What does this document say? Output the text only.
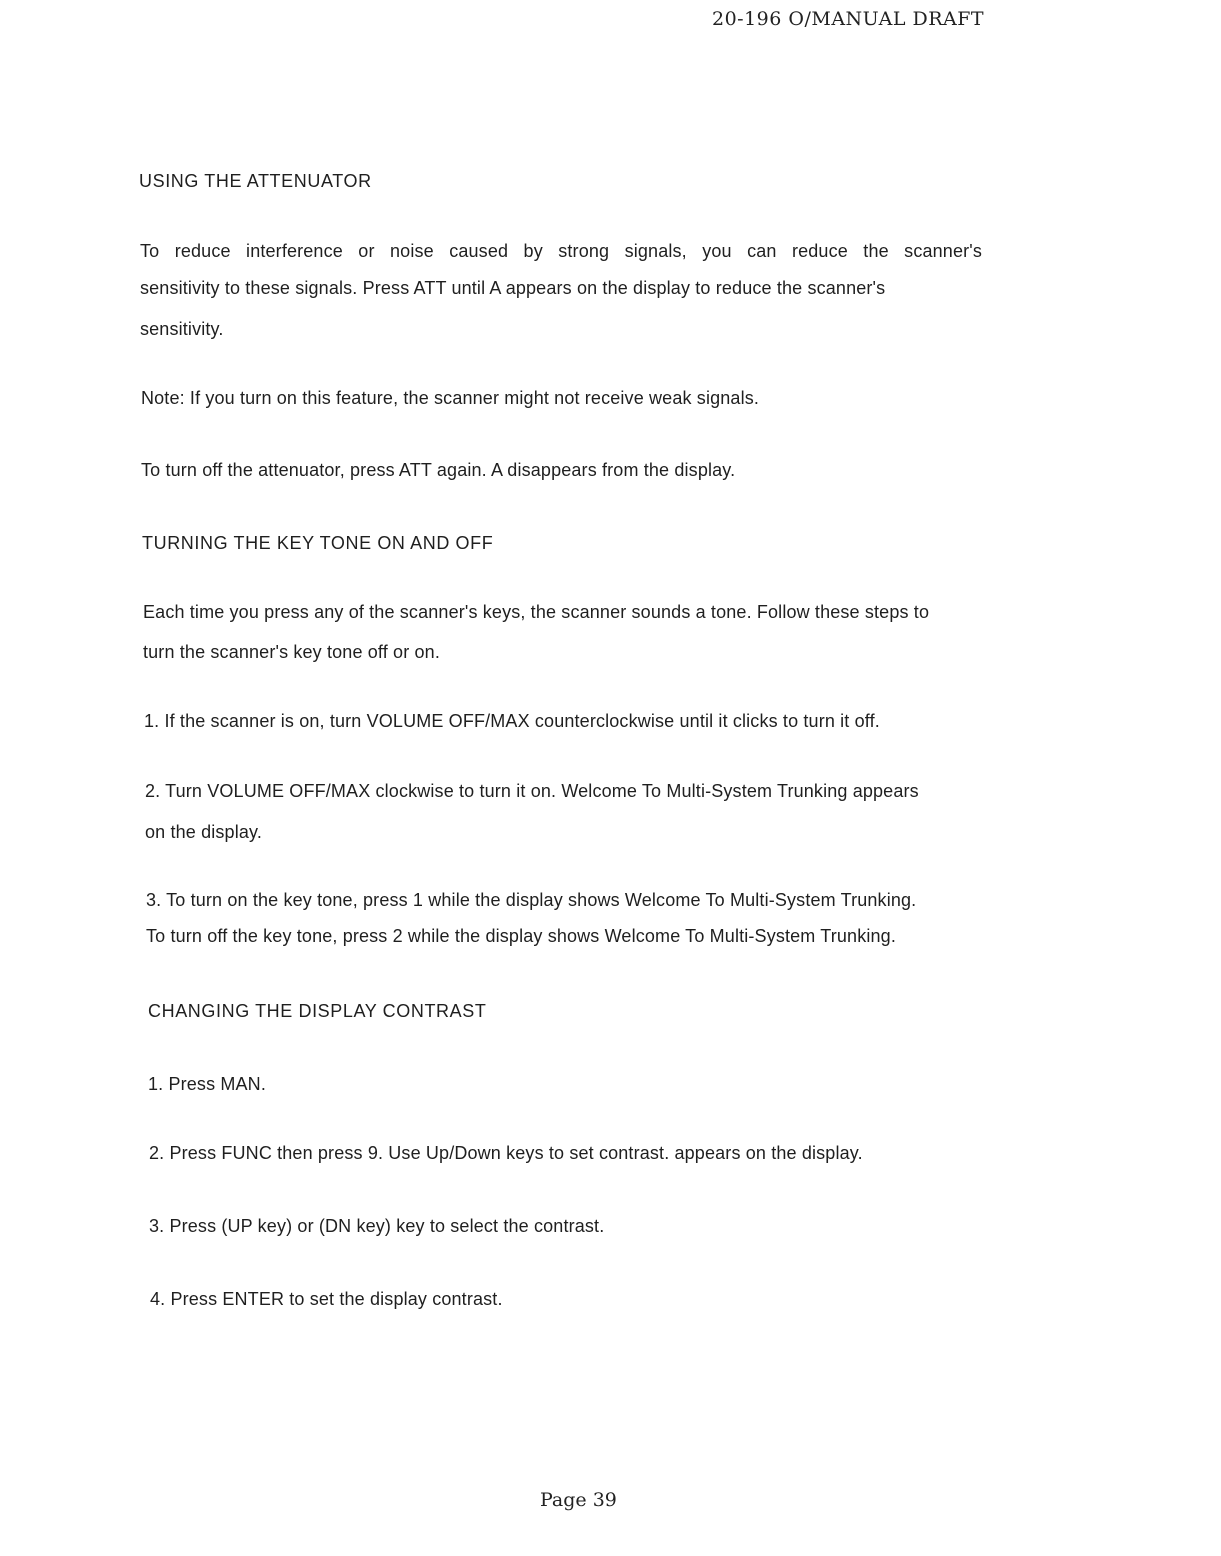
20-196 O/MANUAL DRAFT
USING THE ATTENUATOR
To reduce interference or noise caused by strong signals, you can reduce the scanner's
sensitivity to these signals. Press ATT until A appears on the display to reduce the scanner's
sensitivity.
Note: If you turn on this feature, the scanner might not receive weak signals.
To turn off the attenuator, press ATT again. A disappears from the display.
TURNING THE KEY TONE ON AND OFF
Each time you press any of the scanner's keys, the scanner sounds a tone. Follow these steps to
turn the scanner's key tone off or on.
1. If the scanner is on, turn VOLUME OFF/MAX counterclockwise until it clicks to turn it off.
2. Turn VOLUME OFF/MAX clockwise to turn it on. Welcome To Multi-System Trunking appears
on the display.
3. To turn on the key tone, press 1 while the display shows Welcome To Multi-System Trunking.
To turn off the key tone, press 2 while the display shows Welcome To Multi-System Trunking.
CHANGING THE DISPLAY CONTRAST
1. Press MAN.
2. Press FUNC then press 9. Use Up/Down keys to set contrast. appears on the display.
3. Press (UP key) or (DN key) key to select the contrast.
4. Press ENTER to set the display contrast.
Page 39
